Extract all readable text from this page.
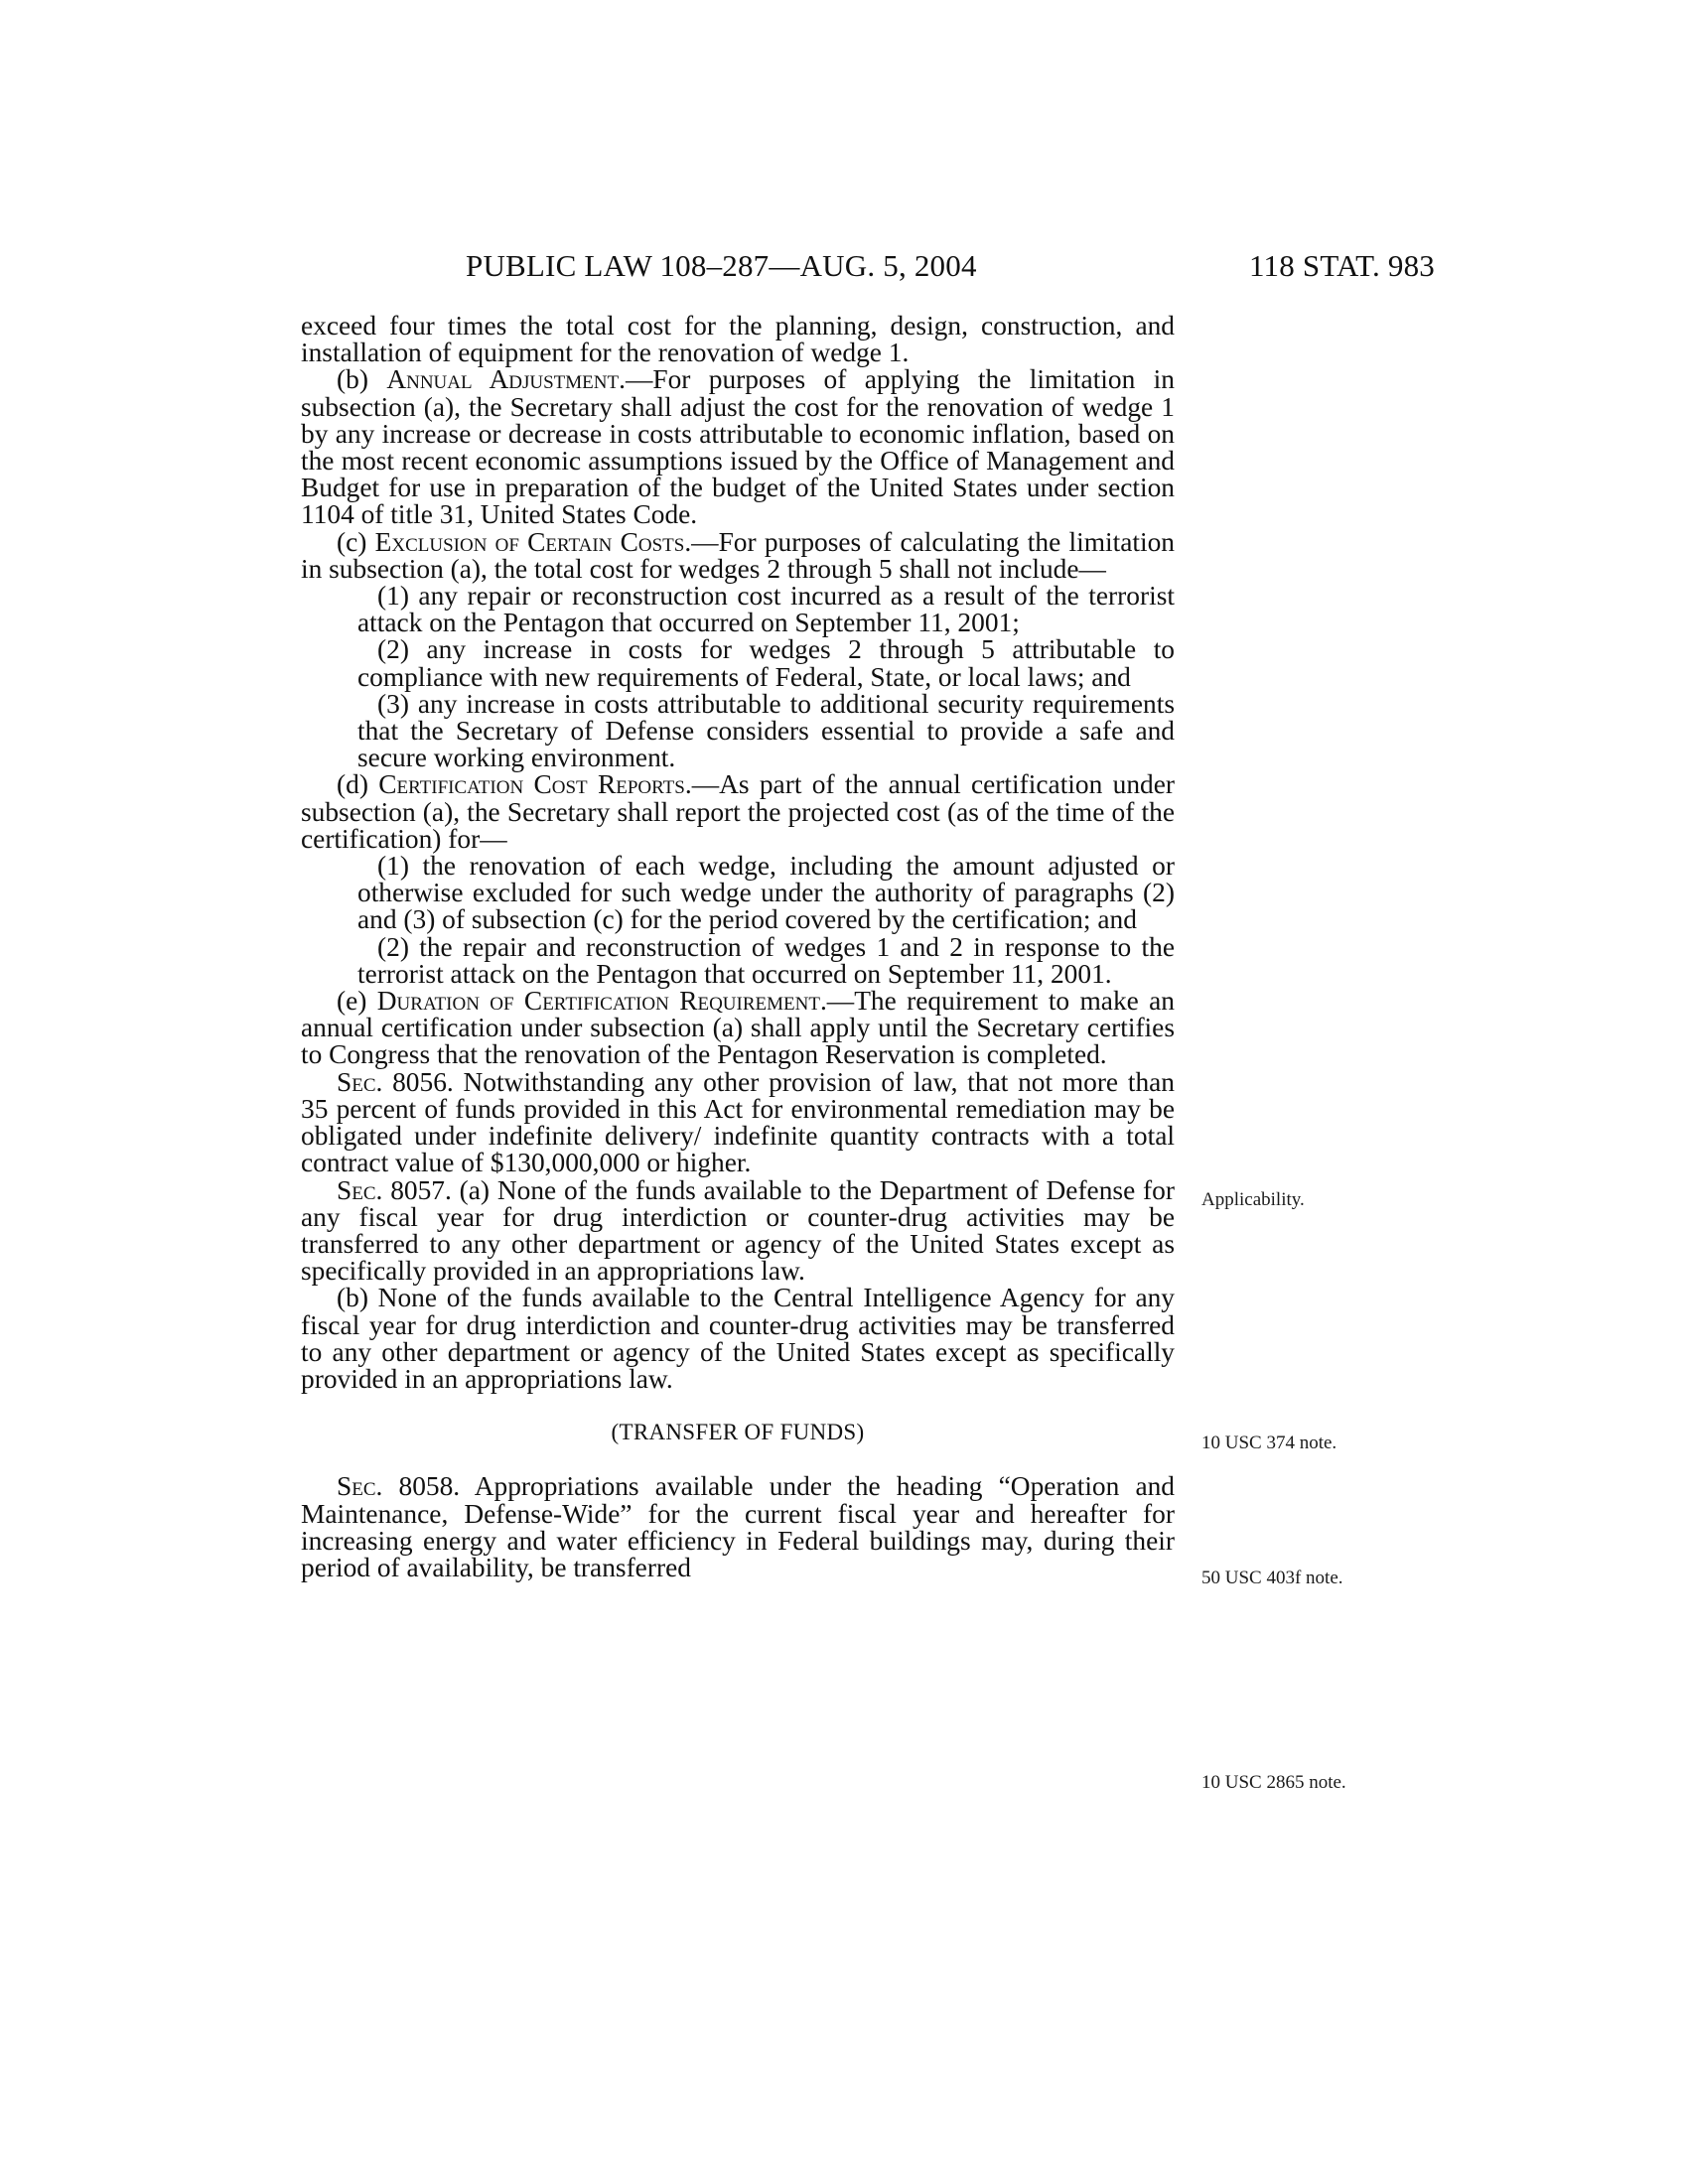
PUBLIC LAW 108–287—AUG. 5, 2004	118 STAT. 983

exceed four times the total cost for the planning, design, construction, and installation of equipment for the renovation of wedge 1.

(b) Annual Adjustment.—For purposes of applying the limitation in subsection (a), the Secretary shall adjust the cost for the renovation of wedge 1 by any increase or decrease in costs attributable to economic inflation, based on the most recent economic assumptions issued by the Office of Management and Budget for use in preparation of the budget of the United States under section 1104 of title 31, United States Code.

(c) Exclusion of Certain Costs.—For purposes of calculating the limitation in subsection (a), the total cost for wedges 2 through 5 shall not include—

(1) any repair or reconstruction cost incurred as a result of the terrorist attack on the Pentagon that occurred on September 11, 2001;

(2) any increase in costs for wedges 2 through 5 attributable to compliance with new requirements of Federal, State, or local laws; and

(3) any increase in costs attributable to additional security requirements that the Secretary of Defense considers essential to provide a safe and secure working environment.

(d) Certification Cost Reports.—As part of the annual certification under subsection (a), the Secretary shall report the projected cost (as of the time of the certification) for—

(1) the renovation of each wedge, including the amount adjusted or otherwise excluded for such wedge under the authority of paragraphs (2) and (3) of subsection (c) for the period covered by the certification; and

(2) the repair and reconstruction of wedges 1 and 2 in response to the terrorist attack on the Pentagon that occurred on September 11, 2001.

(e) Duration of Certification Requirement.—The requirement to make an annual certification under subsection (a) shall apply until the Secretary certifies to Congress that the renovation of the Pentagon Reservation is completed.

Sec. 8056. Notwithstanding any other provision of law, that not more than 35 percent of funds provided in this Act for environmental remediation may be obligated under indefinite delivery/ indefinite quantity contracts with a total contract value of $130,000,000 or higher.

Sec. 8057. (a) None of the funds available to the Department of Defense for any fiscal year for drug interdiction or counter-drug activities may be transferred to any other department or agency of the United States except as specifically provided in an appropriations law.

(b) None of the funds available to the Central Intelligence Agency for any fiscal year for drug interdiction and counter-drug activities may be transferred to any other department or agency of the United States except as specifically provided in an appropriations law.

(TRANSFER OF FUNDS)

Sec. 8058. Appropriations available under the heading “Operation and Maintenance, Defense-Wide” for the current fiscal year and hereafter for increasing energy and water efficiency in Federal buildings may, during their period of availability, be transferred

Applicability.
10 USC 374 note.
50 USC 403f note.
10 USC 2865 note.
